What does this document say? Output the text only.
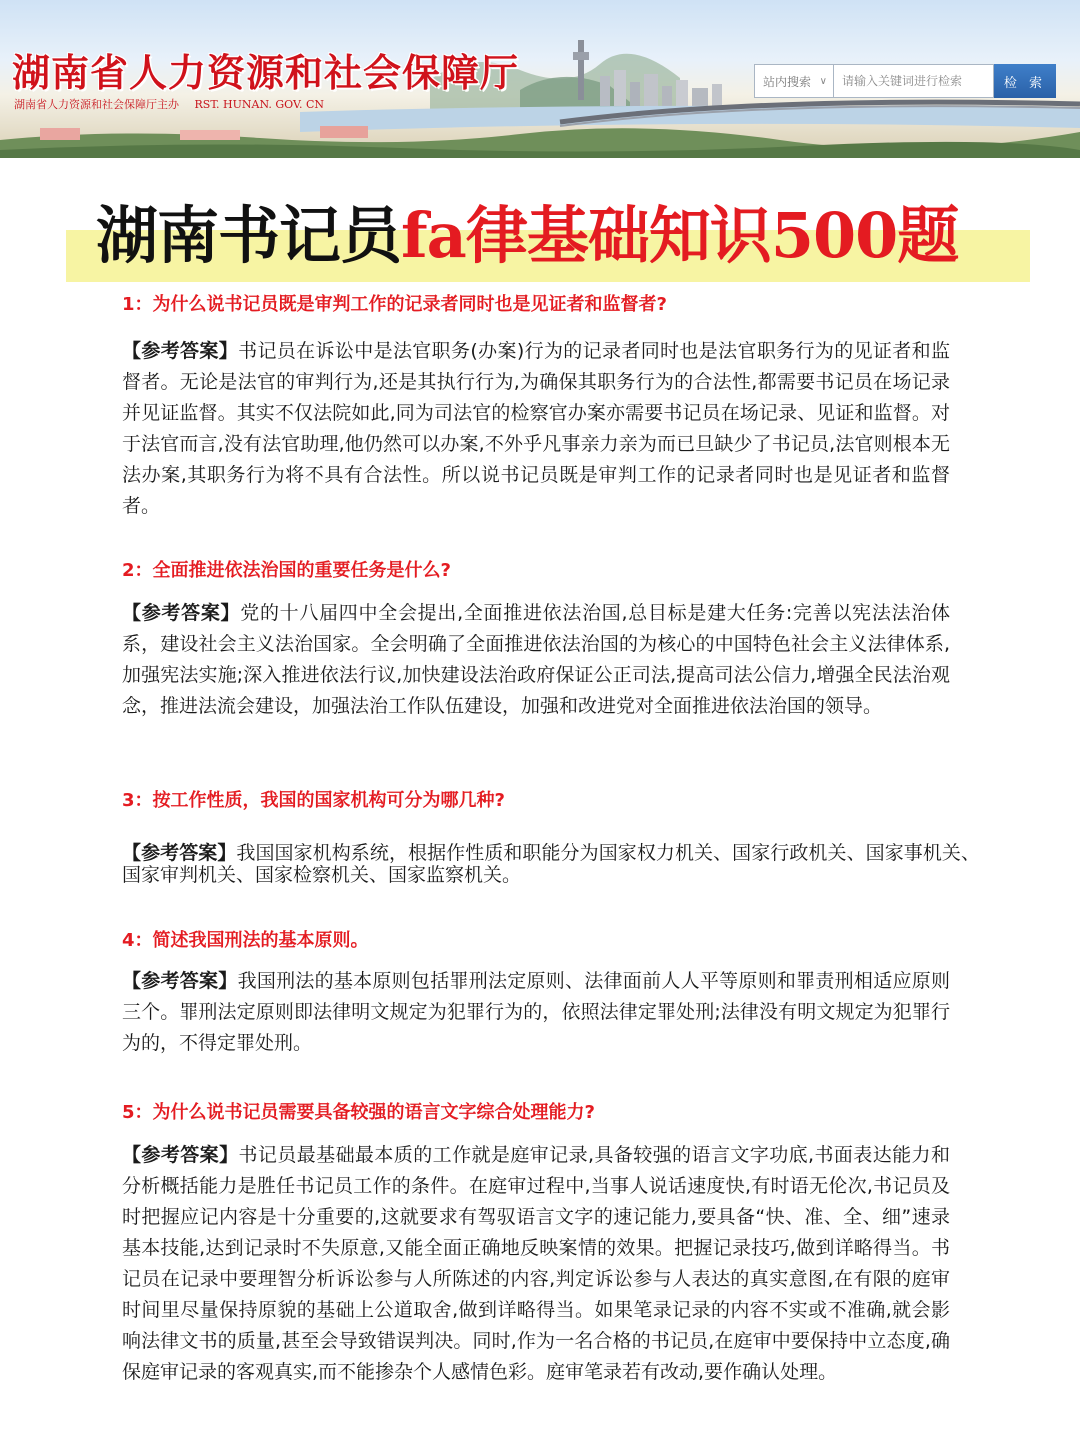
湖南省人力资源和社会保障厅
湖南省人力资源和社会保障厅主办 RST. HUNAN. GOV. CN
站内搜索 ∨
请输入关键词进行检索	检 索
湖南书记员fa律基础知识500题

1：为什么说书记员既是审判工作的记录者同时也是见证者和监督者?

【参考答案】书记员在诉讼中是法官职务(办案)行为的记录者同时也是法官职务行为的见证者和监督者。无论是法官的审判行为,还是其执行行为,为确保其职务行为的合法性,都需要书记员在场记录并见证监督。其实不仅法院如此,同为司法官的检察官办案亦需要书记员在场记录、见证和监督。对于法官而言,没有法官助理,他仍然可以办案,不外乎凡事亲力亲为而已旦缺少了书记员,法官则根本无法办案,其职务行为将不具有合法性。所以说书记员既是审判工作的记录者同时也是见证者和监督者。

2：全面推进依法治国的重要任务是什么?

【参考答案】党的十八届四中全会提出,全面推进依法治国,总目标是建大任务:完善以宪法法治体系，建设社会主义法治国家。全会明确了全面推进依法治国的为核心的中国特色社会主义法律体系,加强宪法实施;深入推进依法行议,加快建设法治政府保证公正司法,提高司法公信力,增强全民法治观念，推进法流会建设，加强法治工作队伍建设，加强和改进党对全面推进依法治国的领导。

3：按工作性质，我国的国家机构可分为哪几种?

【参考答案】我国国家机构系统，根据作性质和职能分为国家权力机关、国家行政机关、国家事机关、国家审判机关、国家检察机关、国家监察机关。

4：简述我国刑法的基本原则。

【参考答案】我国刑法的基本原则包括罪刑法定原则、法律面前人人平等原则和罪责刑相适应原则三个。罪刑法定原则即法律明文规定为犯罪行为的，依照法律定罪处刑;法律没有明文规定为犯罪行为的，不得定罪处刑。

5：为什么说书记员需要具备较强的语言文字综合处理能力?

【参考答案】书记员最基础最本质的工作就是庭审记录,具备较强的语言文字功底,书面表达能力和分析概括能力是胜任书记员工作的条件。在庭审过程中,当事人说话速度快,有时语无伦次,书记员及时把握应记内容是十分重要的,这就要求有驾驭语言文字的速记能力,要具备“快、准、全、细”速录基本技能,达到记录时不失原意,又能全面正确地反映案情的效果。把握记录技巧,做到详略得当。书记员在记录中要理智分析诉讼参与人所陈述的内容,判定诉讼参与人表达的真实意图,在有限的庭审时间里尽量保持原貌的基础上公道取舍,做到详略得当。如果笔录记录的内容不实或不准确,就会影响法律文书的质量,甚至会导致错误判决。同时,作为一名合格的书记员,在庭审中要保持中立态度,确保庭审记录的客观真实,而不能掺杂个人感情色彩。庭审笔录若有改动,要作确认处理。
